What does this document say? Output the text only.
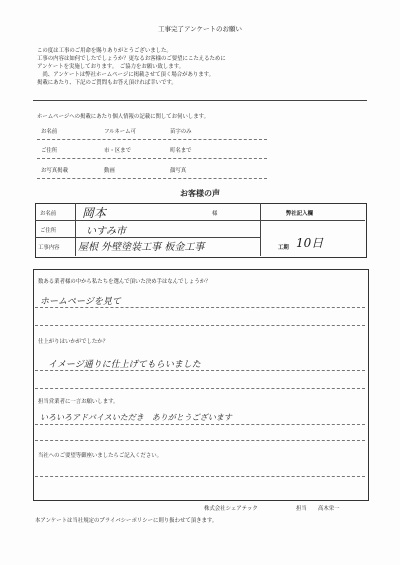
工事完了アンケートのお願い
この度は工事のご用命を賜りありがとうございました。
工事の内容は如何でしたでしょうか？更なるお客様のご要望にこたえるために
アンケートを実施しております。　ご協力をお願い致します。
　尚、アンケートは弊社ホームページに掲載させて頂く場合があります。
掲載にあたり、下記のご質問もお答え頂ければ幸いです。
ホームページへの掲載にあたり個人情報の記載に関してお伺いします。
お名前	フルネーム可	苗字のみ
ご住所	市・区まで	町名まで
お写真掲載	動画	顔写真
お客様の声
お名前 岡本	様	弊社記入欄
ご住所	いすみ市
工事内容 屋根 外壁塗装工事 板金工事	工期 10日
数ある業者様の中から私たちを選んで頂いた決め手はなんでしょうか？
ホームページを見て
仕上がりはいかがでしたか？
イメージ通りに仕上げてもらいました
担当営業者に一言お願いします。
いろいろアドバイスいただき　ありがとうございます
当社へのご要望等御座いましたらご記入ください。
株式会社シェアテック	担当 高木栄一
本アンケートは当社規定のプライバシーポリシーに則り扱わせて頂きます。
